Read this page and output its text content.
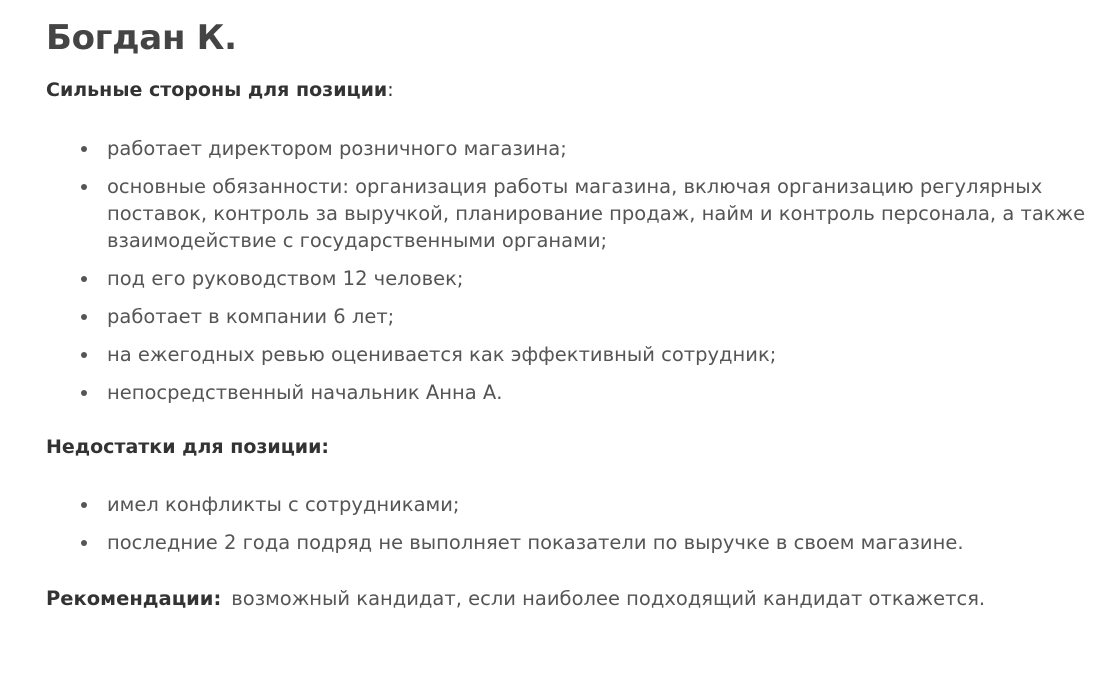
Богдан К.
Сильные стороны для позиции:
работает директором розничного магазина;
основные обязанности: организация работы магазина, включая организацию регулярных поставок, контроль за выручкой, планирование продаж, найм и контроль персонала, а также взаимодействие с государственными органами;
под его руководством 12 человек;
работает в компании 6 лет;
на ежегодных ревью оценивается как эффективный сотрудник;
непосредственный начальник Анна А.
Недостатки для позиции:
имел конфликты с сотрудниками;
последние 2 года подряд не выполняет показатели по выручке в своем магазине.
Рекомендации: возможный кандидат, если наиболее подходящий кандидат откажется.
